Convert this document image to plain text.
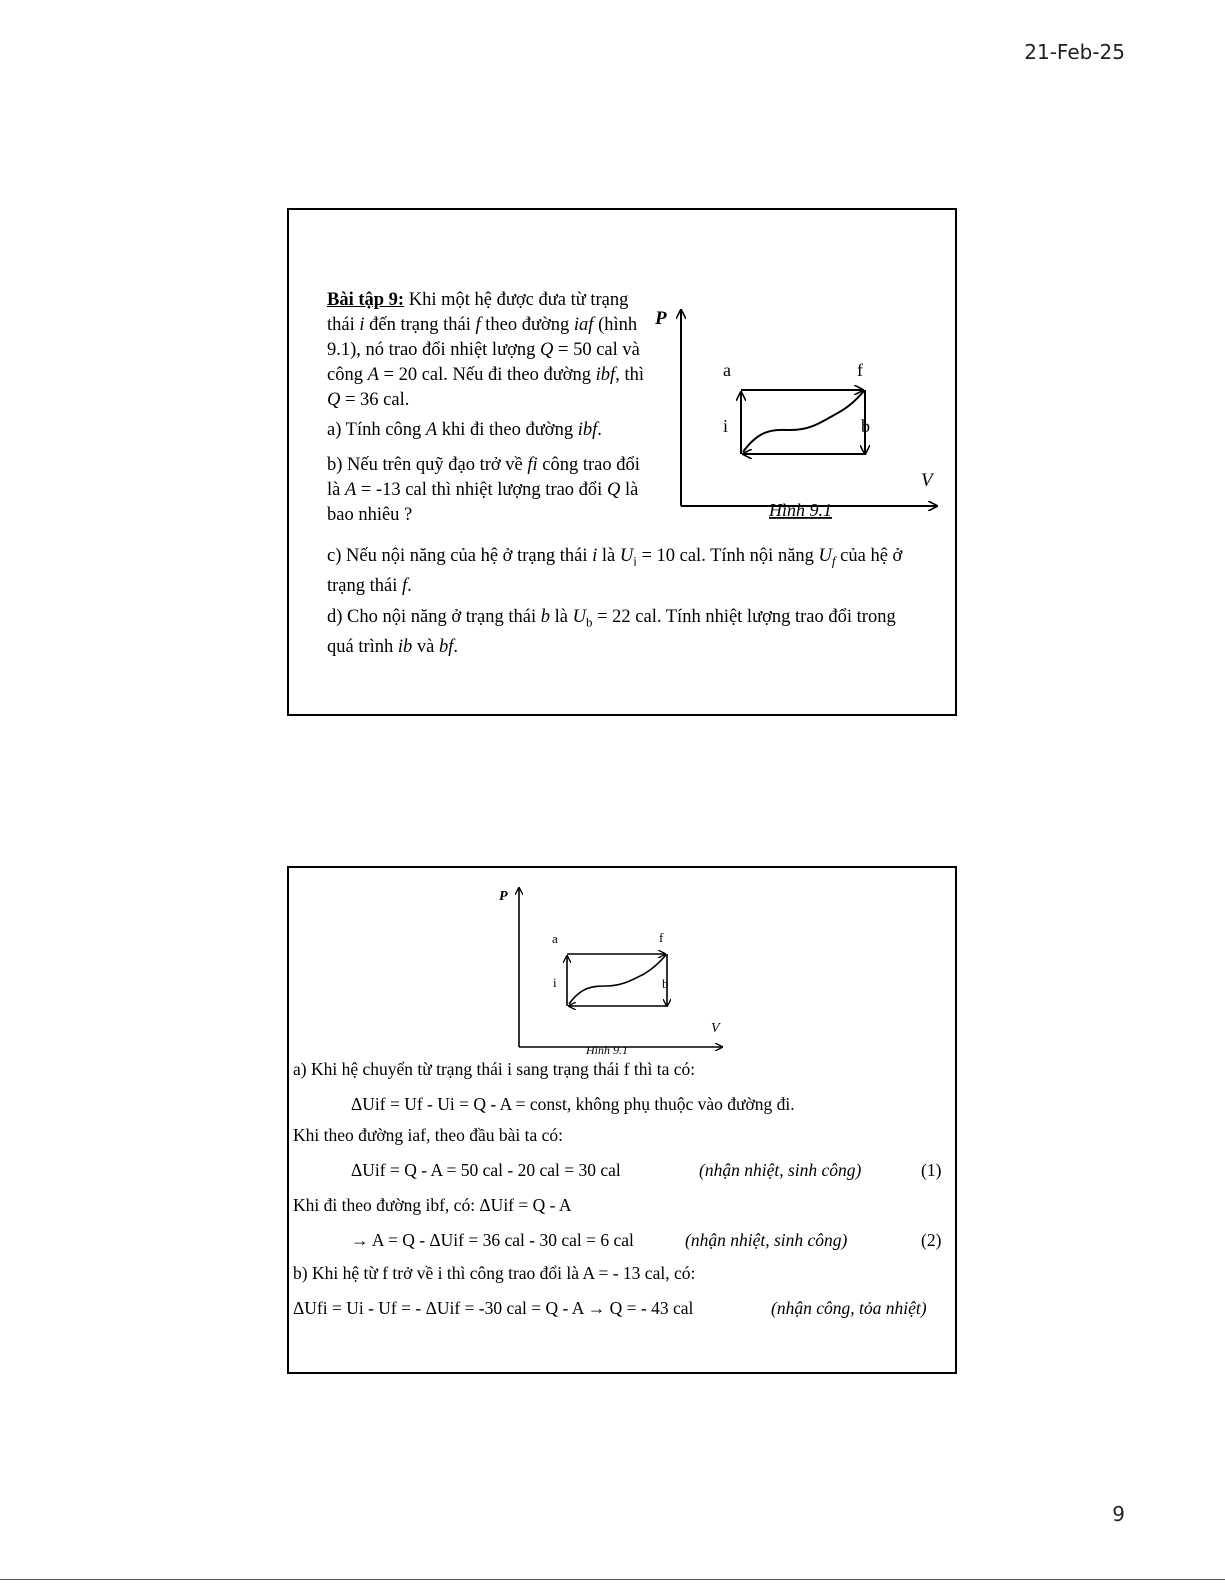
21-Feb-25
Bài tập 9: Khi một hệ được đưa từ trạng thái i đến trạng thái f theo đường iaf (hình 9.1), nó trao đổi nhiệt lượng Q = 50 cal và công A = 20 cal. Nếu đi theo đường ibf, thì Q = 36 cal.
a) Tính công A khi đi theo đường ibf.
b) Nếu trên quỹ đạo trở về fi công trao đổi là A = -13 cal thì nhiệt lượng trao đổi Q là bao nhiêu ?
c) Nếu nội năng của hệ ở trạng thái i là $U_i = 10$ cal. Tính nội năng $U_f$ của hệ ở trạng thái f.
d) Cho nội năng ở trạng thái b là $U_b = 22$ cal. Tính nhiệt lượng trao đổi trong quá trình ib và bf.
P
V
a	f
i	b
Hình 9.1
P
V
a	f
i	b
Hình 9.1
a) Khi hệ chuyển từ trạng thái i sang trạng thái f thì ta có:
ΔUif = Uf - Ui = Q - A = const, không phụ thuộc vào đường đi.
Khi theo đường iaf, theo đầu bài ta có:
ΔUif = Q - A = 50 cal - 20 cal = 30 cal	(nhận nhiệt, sinh công)	(1)
Khi đi theo đường ibf, có: ΔUif = Q - A
→ A = Q - ΔUif = 36 cal - 30 cal = 6 cal	(nhận nhiệt, sinh công)	(2)
b) Khi hệ từ f trở về i thì công trao đổi là A = - 13 cal, có:
ΔUfi = Ui - Uf = - ΔUif = -30 cal = Q - A → Q = - 43 cal	(nhận công, tỏa nhiệt)
9
